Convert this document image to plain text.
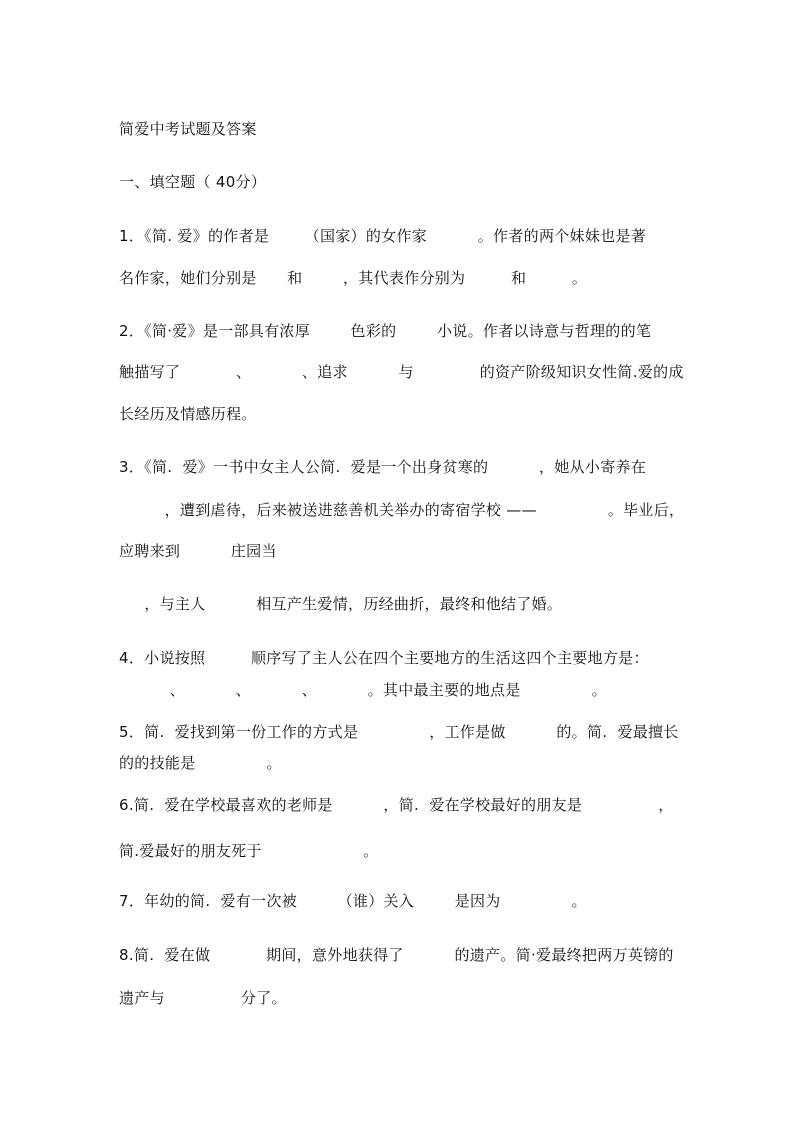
简爱中考试题及答案
一、填空题（ 40分）
1．《简. 爱》的作者是       （国家）的女作家          。作者的两个妹妹也是著
名作家，她们分别是      和        ，其代表作分别为         和         。
2．《简·爱》是一部具有浓厚        色彩的        小说。作者以诗意与哲理的的笔
触描写了           、          、追求          与             的资产阶级知识女性简.爱的成
长经历及情感历程。
3．《简.  爱》一书中女主人公简.  爱是一个出身贫寒的          ，她从小寄养在
，遭到虐待，后来被送进慈善机关举办的寄宿学校 ——              。毕业后，
应聘来到          庄园当
，与主人          相互产生爱情，历经曲折，最终和他结了婚。
4．小说按照         顺序写了主人公在四个主要地方的生活这四个主要地方是：
、          、          、          。其中最主要的地点是              。
5．简.  爱找到第一份工作的方式是              ，工作是做          的。简.  爱最擅长
的的技能是              。
6.简.  爱在学校最喜欢的老师是          ，简.  爱在学校最好的朋友是               ，
简.爱最好的朋友死于                    。
7．年幼的简.  爱有一次被        （谁）关入        是因为              。
8.简.  爱在做           期间，意外地获得了          的遗产。简·爱最终把两万英镑的
遗产与               分了。
